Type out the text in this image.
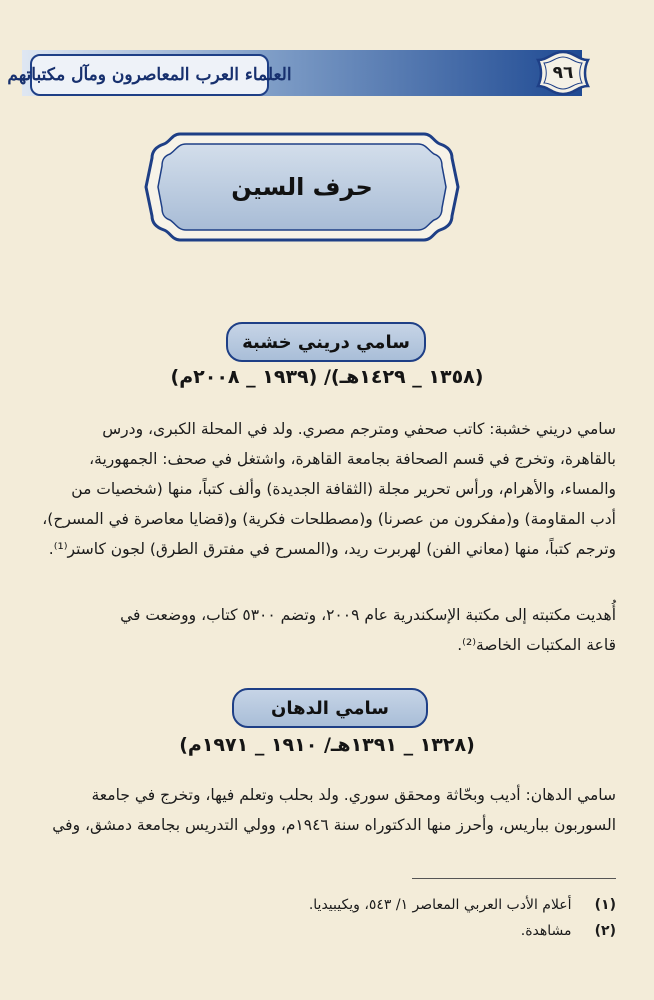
العلماء العرب المعاصرون ومآل مكتباتهم	٩٦
حرف السين
سامي دريني خشبة
(١٣٥٨ _ ١٤٢٩هـ)/ (١٩٣٩ _ ٢٠٠٨م)
سامي دريني خشبة: كاتب صحفي ومترجم مصري. ولد في المحلة الكبرى، ودرس
بالقاهرة، وتخرج في قسم الصحافة بجامعة القاهرة، واشتغل في صحف: الجمهورية،
والمساء، والأهرام، ورأس تحرير مجلة (الثقافة الجديدة) وألف كتباً، منها (شخصيات من
أدب المقاومة) و(مفكرون من عصرنا) و(مصطلحات فكرية) و(قضايا معاصرة في المسرح)،
وترجم كتباً، منها (معاني الفن) لهربرت ريد، و(المسرح في مفترق الطرق) لجون كاستر⁽¹⁾.
أُهديت مكتبته إلى مكتبة الإسكندرية عام ٢٠٠٩، وتضم ٥٣٠٠ كتاب، ووضعت في
قاعة المكتبات الخاصة⁽²⁾.
سامي الدهان
(١٣٢٨ _ ١٣٩١هـ/ ١٩١٠ _ ١٩٧١م)
سامي الدهان: أديب وبحّاثة ومحقق سوري. ولد بحلب وتعلم فيها، وتخرج في جامعة
السوربون بباريس، وأحرز منها الدكتوراه سنة ١٩٤٦م، وولي التدريس بجامعة دمشق، وفي
(١) أعلام الأدب العربي المعاصر ١/ ٥٤٣، ويكيبيديا.
(٢) مشاهدة.
